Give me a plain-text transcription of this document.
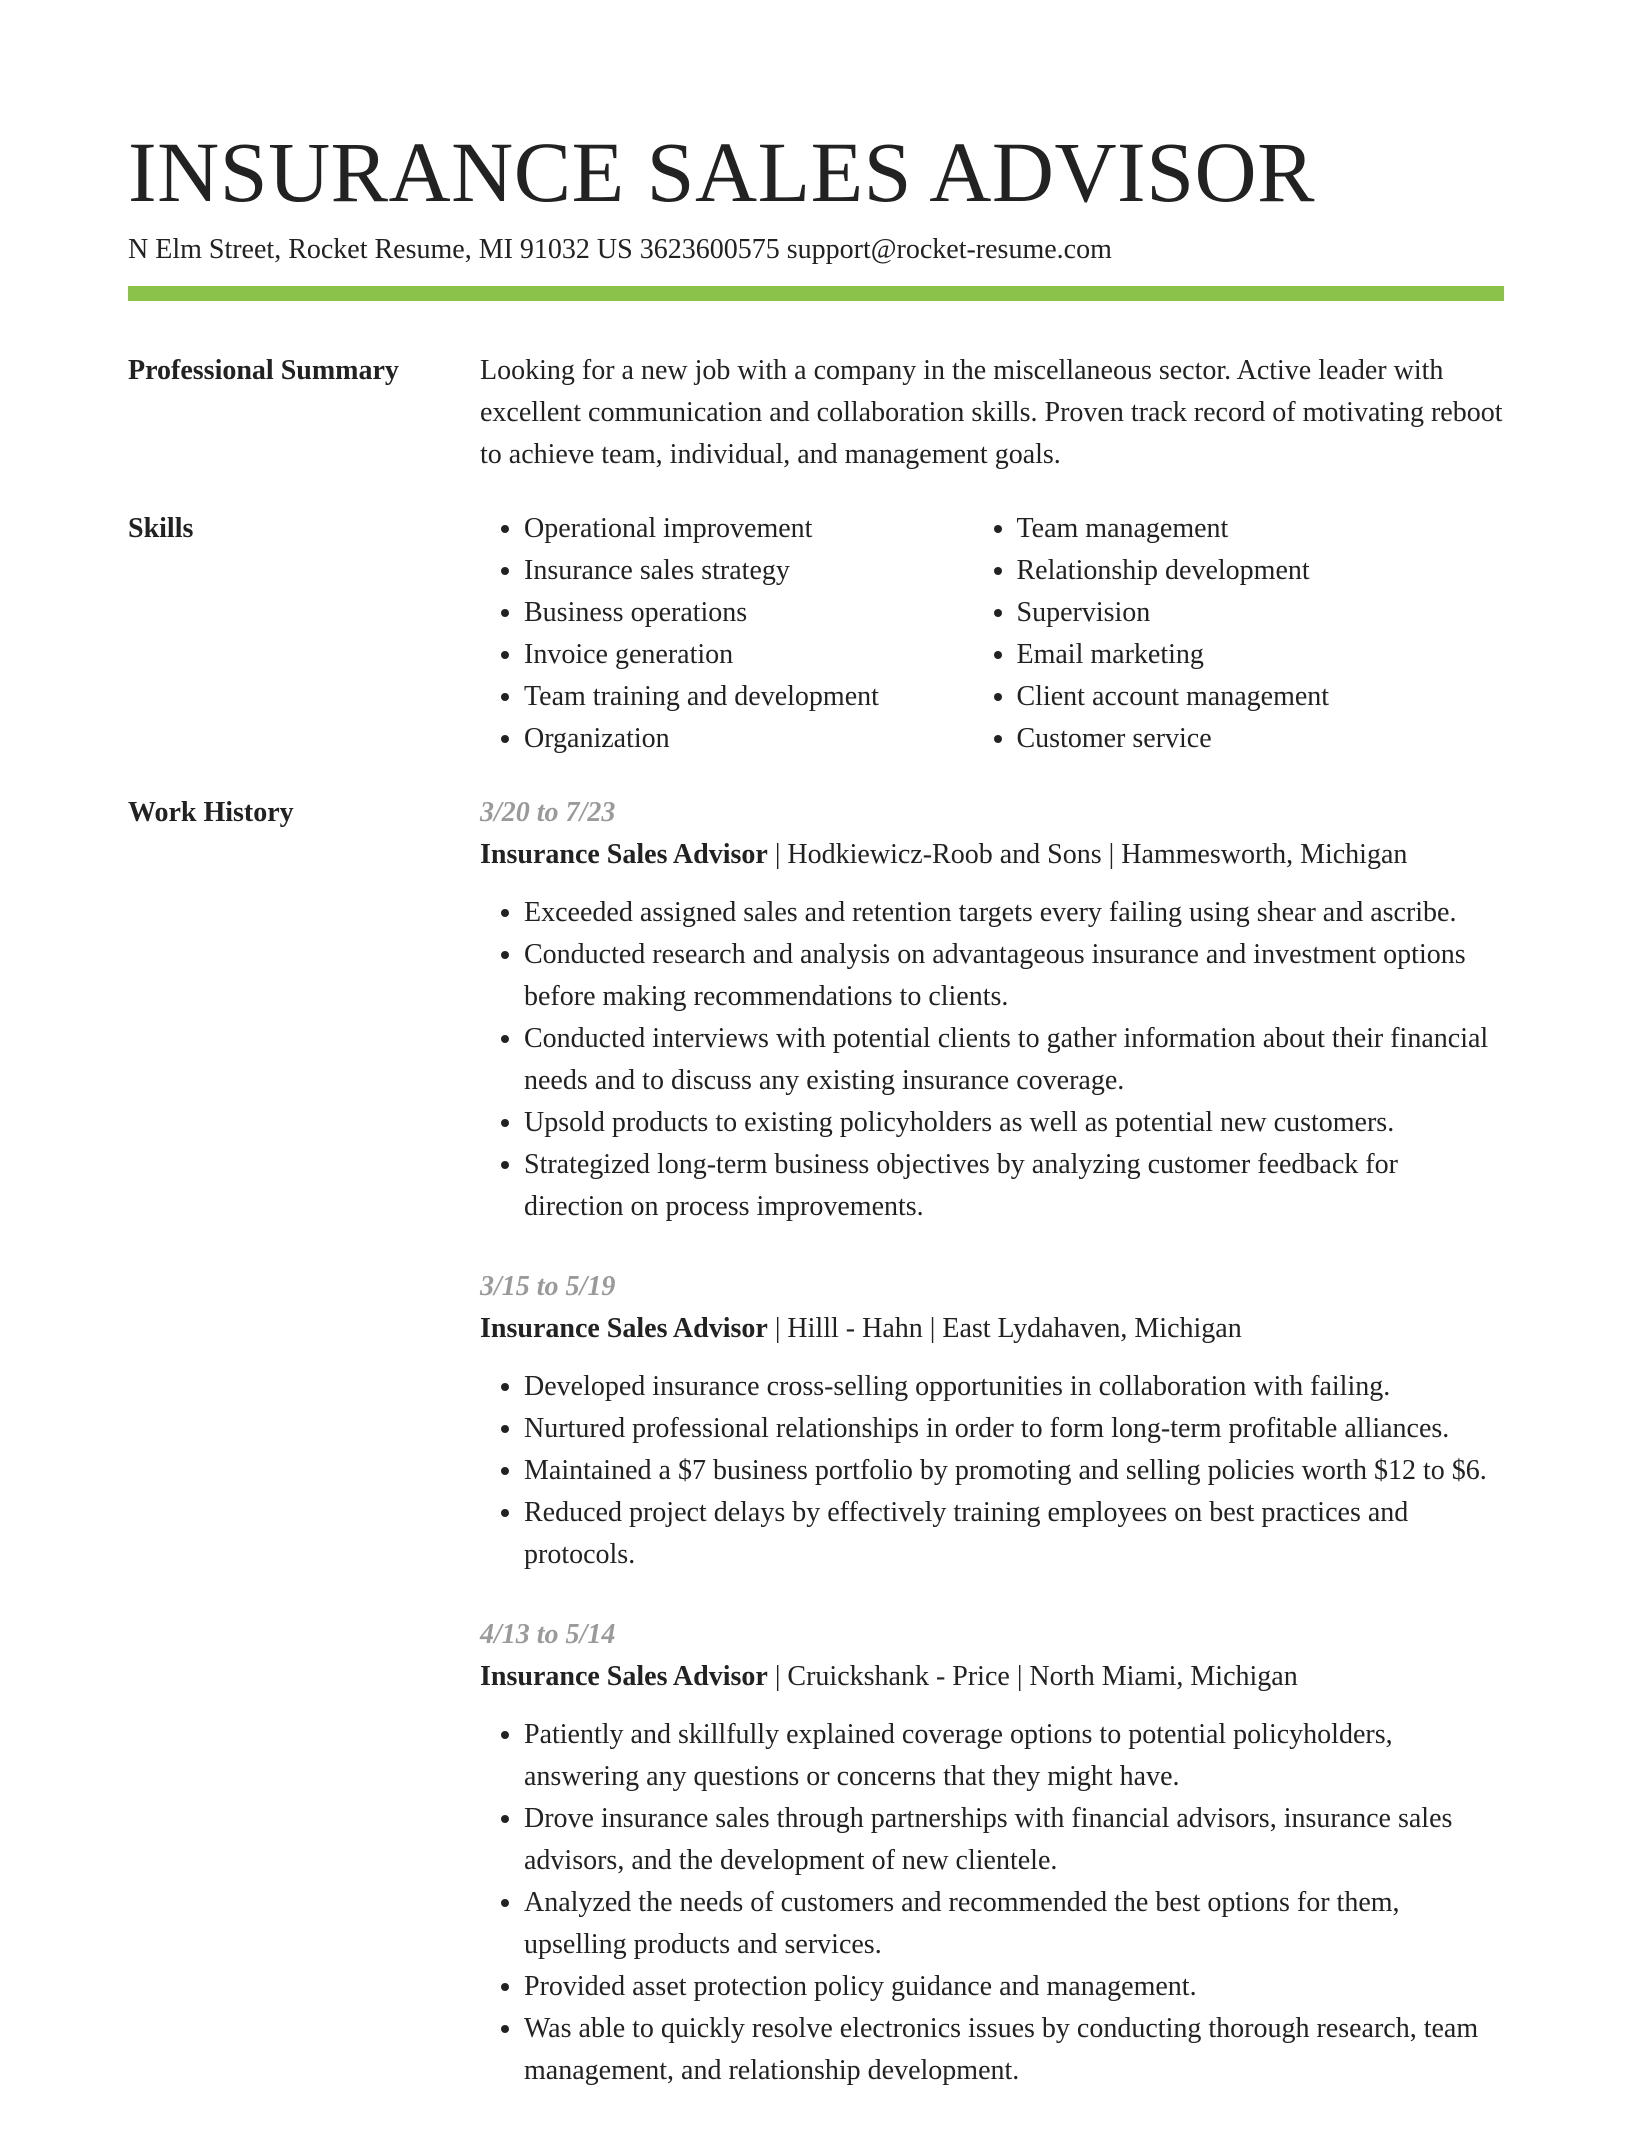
INSURANCE SALES ADVISOR
N Elm Street, Rocket Resume, MI 91032 US 3623600575 support@rocket-resume.com
Professional Summary	Looking for a new job with a company in the miscellaneous sector. Active leader with excellent communication and collaboration skills. Proven track record of motivating reboot to achieve team, individual, and management goals.

Skills
•	Operational improvement
• Insurance sales strategy
• Business operations
• Invoice generation
• Team training and development
• Organization
• Team management
• Relationship development
• Supervision
• Email marketing
• Client account management
• Customer service
Work History	3/20 to 7/23
Insurance Sales Advisor | Hodkiewicz-Roob and Sons | Hammesworth, Michigan
• Exceeded assigned sales and retention targets every failing using shear and ascribe.
• Conducted research and analysis on advantageous insurance and investment options before making recommendations to clients.
• Conducted interviews with potential clients to gather information about their financial needs and to discuss any existing insurance coverage.
• Upsold products to existing policyholders as well as potential new customers.
• Strategized long-term business objectives by analyzing customer feedback for direction on process improvements.
3/15 to 5/19
Insurance Sales Advisor | Hilll - Hahn | East Lydahaven, Michigan
• Developed insurance cross-selling opportunities in collaboration with failing.
• Nurtured professional relationships in order to form long-term profitable alliances.
• Maintained a $7 business portfolio by promoting and selling policies worth $12 to $6.
• Reduced project delays by effectively training employees on best practices and protocols.
4/13 to 5/14
Insurance Sales Advisor | Cruickshank - Price | North Miami, Michigan
• Patiently and skillfully explained coverage options to potential policyholders, answering any questions or concerns that they might have.
• Drove insurance sales through partnerships with financial advisors, insurance sales advisors, and the development of new clientele.
• Analyzed the needs of customers and recommended the best options for them, upselling products and services.
• Provided asset protection policy guidance and management.
• Was able to quickly resolve electronics issues by conducting thorough research, team management, and relationship development.
